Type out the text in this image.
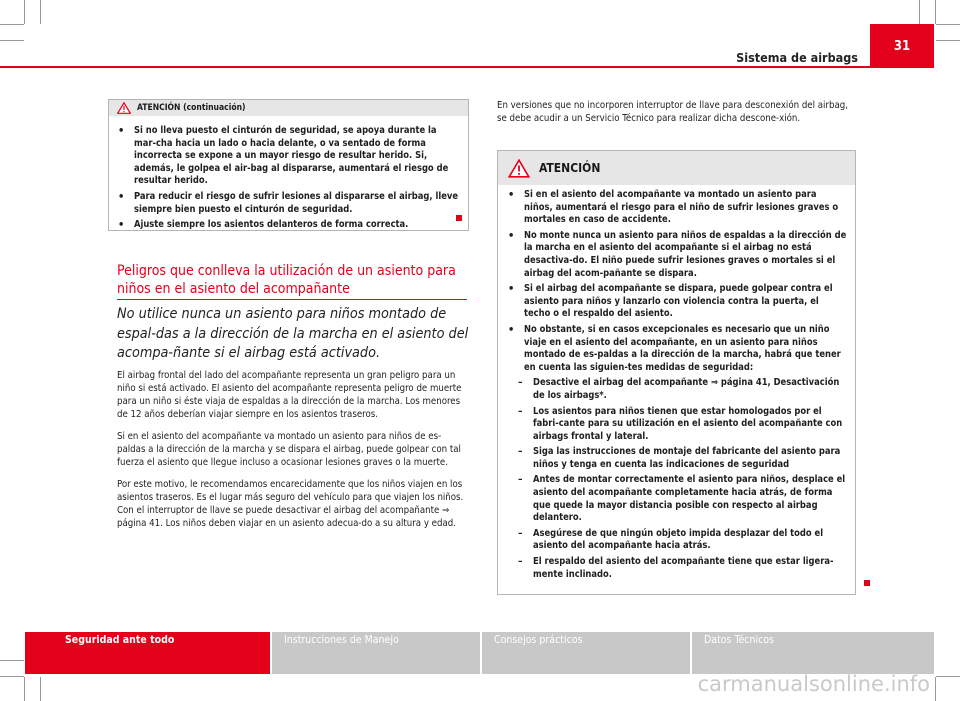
Sistema de airbags
31
ATENCIÓN (continuación)
• Si no lleva puesto el cinturón de seguridad, se apoya durante la mar-cha hacia un lado o hacia delante, o va sentado de forma incorrecta se expone a un mayor riesgo de resultar herido. Si, además, le golpea el air-bag al dispararse, aumentará el riesgo de resultar herido.
• Para reducir el riesgo de sufrir lesiones al dispararse el airbag, lleve siempre bien puesto el cinturón de seguridad.
• Ajuste siempre los asientos delanteros de forma correcta.
Peligros que conlleva la utilización de un asiento para
niños en el asiento del acompañante
No utilice nunca un asiento para niños montado de espal-das a la dirección de la marcha en el asiento del acompa-ñante si el airbag está activado.

El airbag frontal del lado del acompañante representa un gran peligro para un niño si está activado. El asiento del acompañante representa peligro de muerte para un niño si éste viaja de espaldas a la dirección de la marcha. Los menores de 12 años deberían viajar siempre en los asientos traseros.

Si en el asiento del acompañante va montado un asiento para niños de es-paldas a la dirección de la marcha y se dispara el airbag, puede golpear con tal fuerza el asiento que llegue incluso a ocasionar lesiones graves o la muerte.

Por este motivo, le recomendamos encarecidamente que los niños viajen en los asientos traseros. Es el lugar más seguro del vehículo para que viajen los niños. Con el interruptor de llave se puede desactivar el airbag del acompañante ⇒ página 41. Los niños deben viajar en un asiento adecua-do a su altura y edad.

En versiones que no incorporen interruptor de llave para desconexión del airbag, se debe acudir a un Servicio Técnico para realizar dicha descone-xión.
ATENCIÓN
• Si en el asiento del acompañante va montado un asiento para niños, aumentará el riesgo para el niño de sufrir lesiones graves o mortales en caso de accidente.
• No monte nunca un asiento para niños de espaldas a la dirección de la marcha en el asiento del acompañante si el airbag no está desactiva-do. El niño puede sufrir lesiones graves o mortales si el airbag del acom-pañante se dispara.
• Si el airbag del acompañante se dispara, puede golpear contra el asiento para niños y lanzarlo con violencia contra la puerta, el techo o el respaldo del asiento.
• No obstante, si en casos excepcionales es necesario que un niño viaje en el asiento del acompañante, en un asiento para niños montado de es-paldas a la dirección de la marcha, habrá que tener en cuenta las siguien-tes medidas de seguridad:
– Desactive el airbag del acompañante ⇒ página 41, Desactivación de los airbags*.
– Los asientos para niños tienen que estar homologados por el fabri-cante para su utilización en el asiento del acompañante con airbags frontal y lateral.
– Siga las instrucciones de montaje del fabricante del asiento para niños y tenga en cuenta las indicaciones de seguridad
– Antes de montar correctamente el asiento para niños, desplace el asiento del acompañante completamente hacia atrás, de forma que quede la mayor distancia posible con respecto al airbag delantero.
– Asegúrese de que ningún objeto impida desplazar del todo el asiento del acompañante hacia atrás.
– El respaldo del asiento del acompañante tiene que estar ligera-mente inclinado.
Seguridad ante todo	Instrucciones de Manejo	Consejos prácticos	Datos Técnicos
carmanualsonline.info
